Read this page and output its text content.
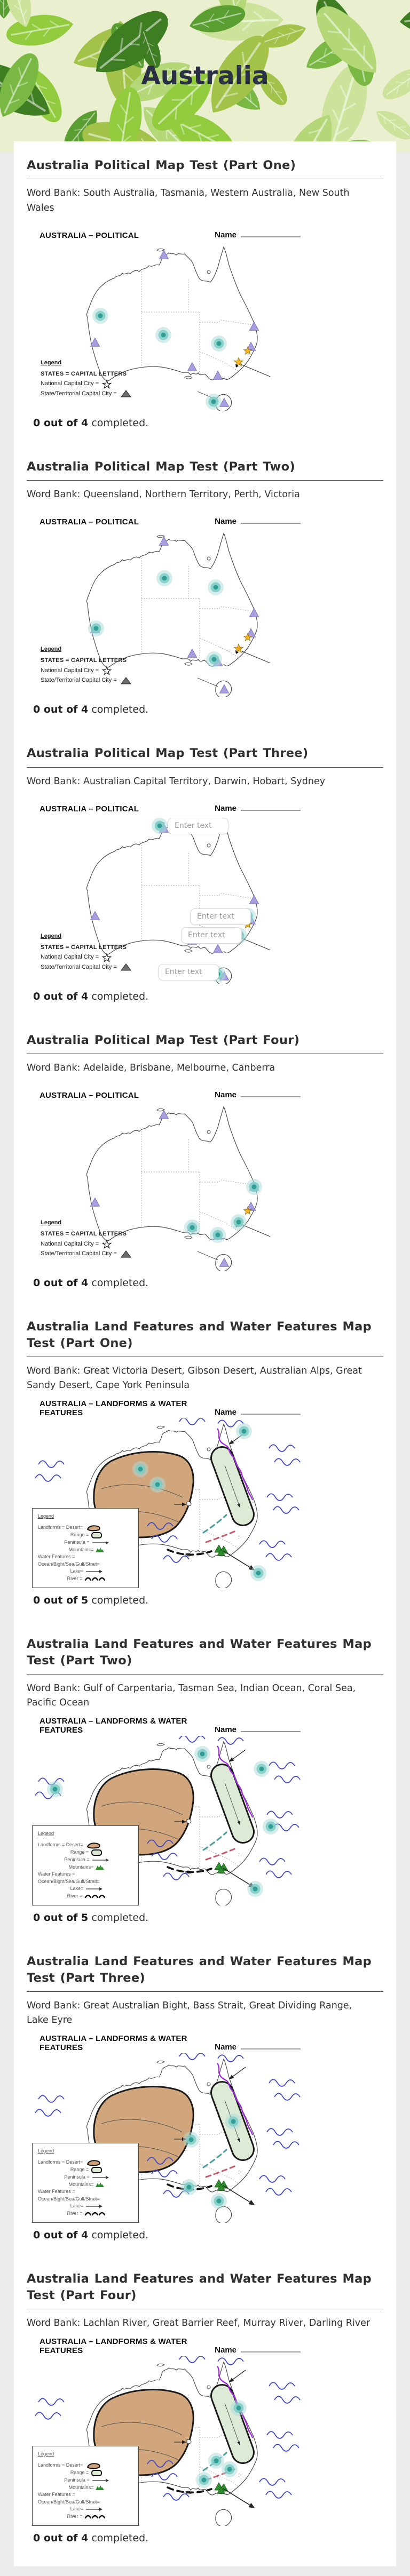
Australia
Australia Political Map Test (Part One)

Word Bank: South Australia, Tasmania, Western Australia, New South Wales

AUSTRALIA – POLITICAL	Name
Legend
STATES = CAPITAL LETTERS
National Capital City =
State/Territorial Capital City =
0 out of 4 completed.
Australia Political Map Test (Part Two)

Word Bank: Queensland, Northern Territory, Perth, Victoria

AUSTRALIA – POLITICAL	Name
Legend
STATES = CAPITAL LETTERS
National Capital City =
State/Territorial Capital City =
0 out of 4 completed.
Australia Political Map Test (Part Three)

Word Bank: Australian Capital Territory, Darwin, Hobart, Sydney

AUSTRALIA – POLITICAL	Name
Legend
STATES = CAPITAL LETTERS
National Capital City =
State/Territorial Capital City =
Enter text
Enter text
Enter text
Enter text
0 out of 4 completed.
Australia Political Map Test (Part Four)

Word Bank: Adelaide, Brisbane, Melbourne, Canberra

AUSTRALIA – POLITICAL	Name
Legend
STATES = CAPITAL LETTERS
National Capital City =
State/Territorial Capital City =
0 out of 4 completed.
Australia Land Features and Water Features Map Test (Part One)

Word Bank: Great Victoria Desert, Gibson Desert, Australian Alps, Great Sandy Desert, Cape York Peninsula

AUSTRALIA – LANDFORMS & WATER FEATURES	Name
Legend
Landforms = Desert=
Range =
Peninsula =
Mountains=
Water Features = Ocean/Bight/Sea/Gulf/Strait=
Lake=
River =
0 out of 5 completed.
Australia Land Features and Water Features Map Test (Part Two)

Word Bank: Gulf of Carpentaria, Tasman Sea, Indian Ocean, Coral Sea, Pacific Ocean

AUSTRALIA – LANDFORMS & WATER FEATURES	Name
Legend
Landforms = Desert=
Range =
Peninsula =
Mountains=
Water Features = Ocean/Bight/Sea/Gulf/Strait=
Lake=
River =
0 out of 5 completed.
Australia Land Features and Water Features Map Test (Part Three)

Word Bank: Great Australian Bight, Bass Strait, Great Dividing Range, Lake Eyre

AUSTRALIA – LANDFORMS & WATER FEATURES	Name
Legend
Landforms = Desert=
Range =
Peninsula =
Mountains=
Water Features = Ocean/Bight/Sea/Gulf/Strait=
Lake=
River =
0 out of 4 completed.
Australia Land Features and Water Features Map Test (Part Four)

Word Bank: Lachlan River, Great Barrier Reef, Murray River, Darling River

AUSTRALIA – LANDFORMS & WATER FEATURES	Name
Legend
Landforms = Desert=
Range =
Peninsula =
Mountains=
Water Features = Ocean/Bight/Sea/Gulf/Strait=
Lake=
River =
0 out of 4 completed.
